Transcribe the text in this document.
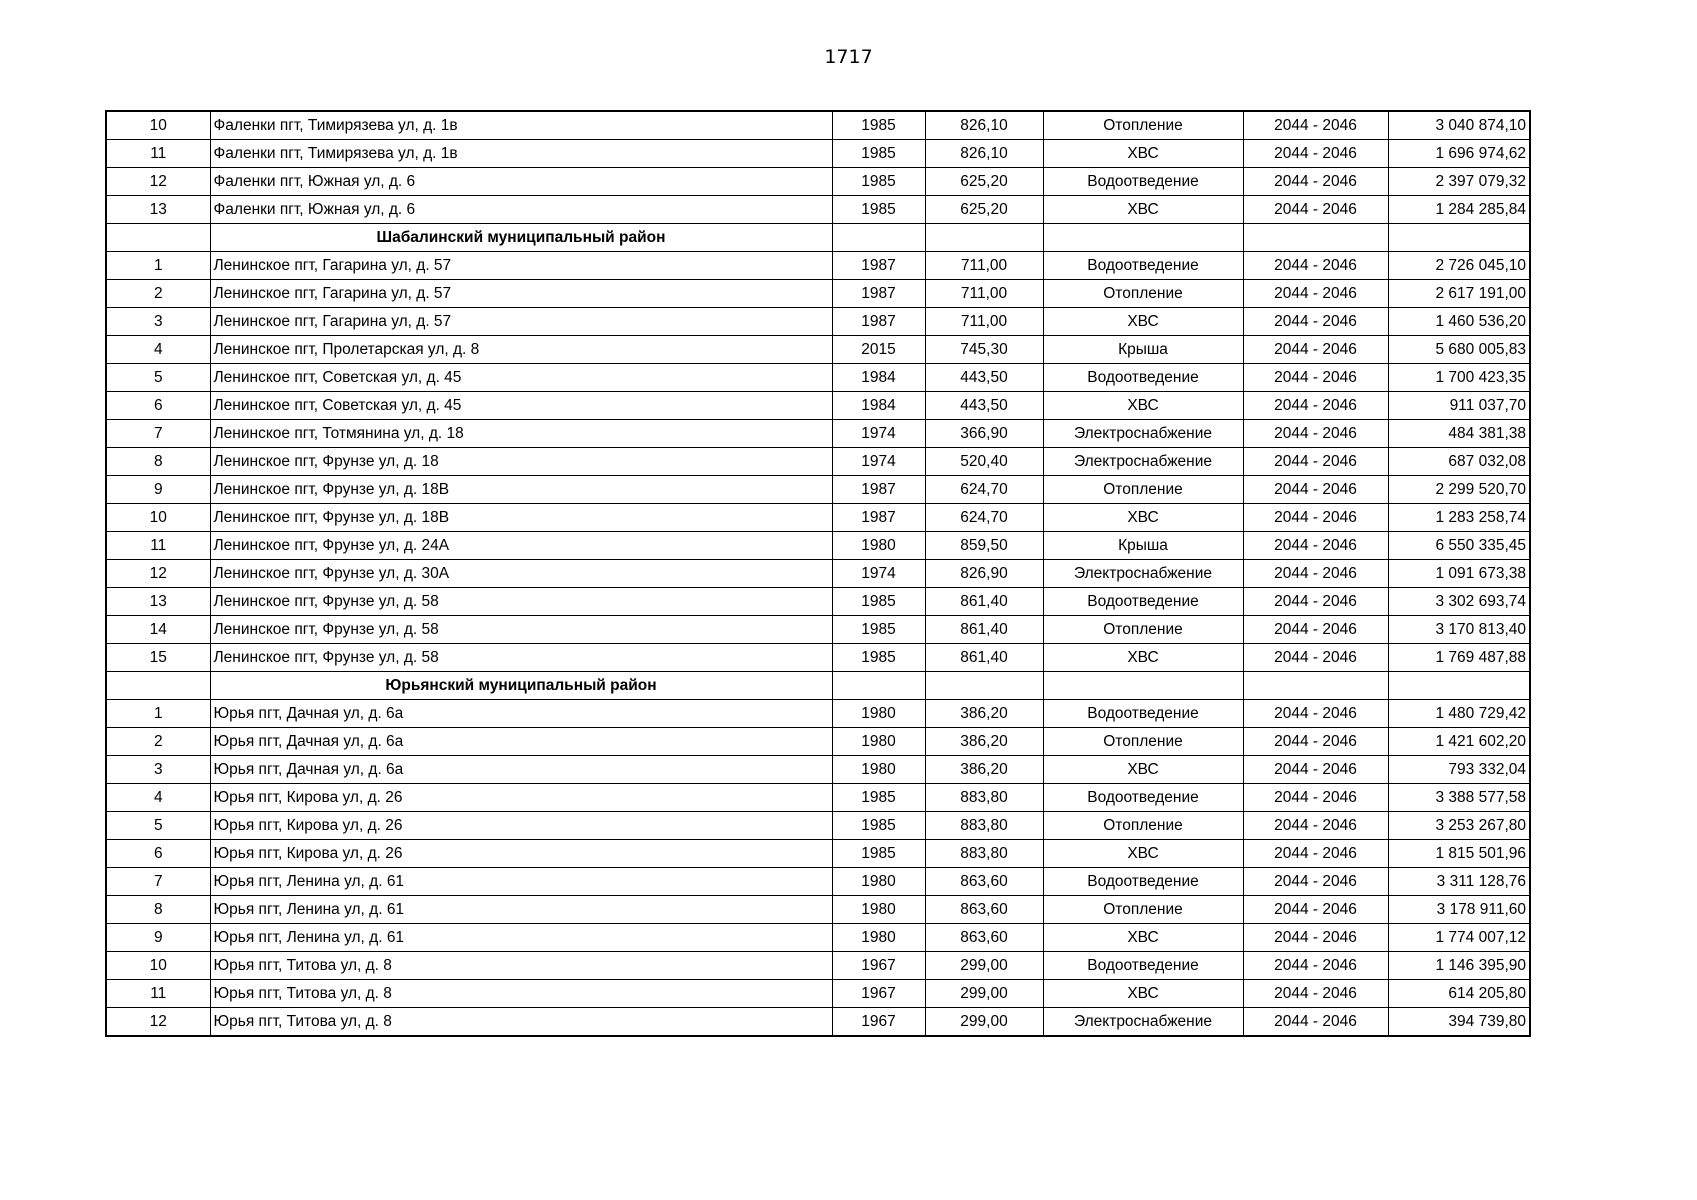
1717
10	Фаленки пгт, Тимирязева ул, д. 1в	1985	826,10	Отопление	2044 - 2046	3 040 874,10
11	Фаленки пгт, Тимирязева ул, д. 1в	1985	826,10	ХВС	2044 - 2046	1 696 974,62
12	Фаленки пгт, Южная ул, д. 6	1985	625,20	Водоотведение	2044 - 2046	2 397 079,32
13	Фаленки пгт, Южная ул, д. 6	1985	625,20	ХВС	2044 - 2046	1 284 285,84
	Шабалинский муниципальный район					
1	Ленинское пгт, Гагарина ул, д. 57	1987	711,00	Водоотведение	2044 - 2046	2 726 045,10
2	Ленинское пгт, Гагарина ул, д. 57	1987	711,00	Отопление	2044 - 2046	2 617 191,00
3	Ленинское пгт, Гагарина ул, д. 57	1987	711,00	ХВС	2044 - 2046	1 460 536,20
4	Ленинское пгт, Пролетарская ул, д. 8	2015	745,30	Крыша	2044 - 2046	5 680 005,83
5	Ленинское пгт, Советская ул, д. 45	1984	443,50	Водоотведение	2044 - 2046	1 700 423,35
6	Ленинское пгт, Советская ул, д. 45	1984	443,50	ХВС	2044 - 2046	911 037,70
7	Ленинское пгт, Тотмянина ул, д. 18	1974	366,90	Электроснабжение	2044 - 2046	484 381,38
8	Ленинское пгт, Фрунзе ул, д. 18	1974	520,40	Электроснабжение	2044 - 2046	687 032,08
9	Ленинское пгт, Фрунзе ул, д. 18В	1987	624,70	Отопление	2044 - 2046	2 299 520,70
10	Ленинское пгт, Фрунзе ул, д. 18В	1987	624,70	ХВС	2044 - 2046	1 283 258,74
11	Ленинское пгт, Фрунзе ул, д. 24А	1980	859,50	Крыша	2044 - 2046	6 550 335,45
12	Ленинское пгт, Фрунзе ул, д. 30А	1974	826,90	Электроснабжение	2044 - 2046	1 091 673,38
13	Ленинское пгт, Фрунзе ул, д. 58	1985	861,40	Водоотведение	2044 - 2046	3 302 693,74
14	Ленинское пгт, Фрунзе ул, д. 58	1985	861,40	Отопление	2044 - 2046	3 170 813,40
15	Ленинское пгт, Фрунзе ул, д. 58	1985	861,40	ХВС	2044 - 2046	1 769 487,88
	Юрьянский муниципальный район					
1	Юрья пгт, Дачная ул, д. 6а	1980	386,20	Водоотведение	2044 - 2046	1 480 729,42
2	Юрья пгт, Дачная ул, д. 6а	1980	386,20	Отопление	2044 - 2046	1 421 602,20
3	Юрья пгт, Дачная ул, д. 6а	1980	386,20	ХВС	2044 - 2046	793 332,04
4	Юрья пгт, Кирова ул, д. 26	1985	883,80	Водоотведение	2044 - 2046	3 388 577,58
5	Юрья пгт, Кирова ул, д. 26	1985	883,80	Отопление	2044 - 2046	3 253 267,80
6	Юрья пгт, Кирова ул, д. 26	1985	883,80	ХВС	2044 - 2046	1 815 501,96
7	Юрья пгт, Ленина ул, д. 61	1980	863,60	Водоотведение	2044 - 2046	3 311 128,76
8	Юрья пгт, Ленина ул, д. 61	1980	863,60	Отопление	2044 - 2046	3 178 911,60
9	Юрья пгт, Ленина ул, д. 61	1980	863,60	ХВС	2044 - 2046	1 774 007,12
10	Юрья пгт, Титова ул, д. 8	1967	299,00	Водоотведение	2044 - 2046	1 146 395,90
11	Юрья пгт, Титова ул, д. 8	1967	299,00	ХВС	2044 - 2046	614 205,80
12	Юрья пгт, Титова ул, д. 8	1967	299,00	Электроснабжение	2044 - 2046	394 739,80
